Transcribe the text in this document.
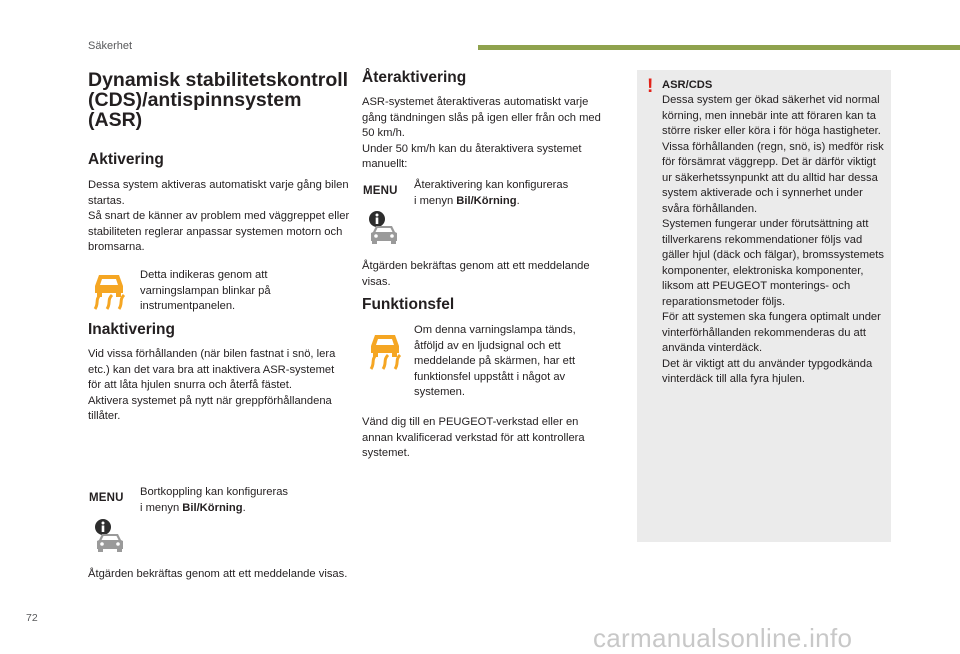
Säkerhet
Dynamisk stabilitetskontroll (CDS)/antispinnsystem (ASR)
Aktivering
Dessa system aktiveras automatiskt varje gång bilen startas.
Så snart de känner av problem med väggreppet eller stabiliteten reglerar anpassar systemen motorn och bromsarna.
Detta indikeras genom att varningslampan blinkar på instrumentpanelen.
Inaktivering
Vid vissa förhållanden (när bilen fastnat i snö, lera etc.) kan det vara bra att inaktivera ASR-systemet för att låta hjulen snurra och återfå fästet.
Aktivera systemet på nytt när greppförhållandena tillåter.
MENU Bortkoppling kan konfigureras
i menyn Bil/Körning.
Åtgärden bekräftas genom att ett meddelande visas.
Återaktivering
ASR-systemet återaktiveras automatiskt varje gång tändningen slås på igen eller från och med 50 km/h.
Under 50 km/h kan du återaktivera systemet manuellt:
MENU Återaktivering kan konfigureras
i menyn Bil/Körning.
Åtgärden bekräftas genom att ett meddelande visas.
Funktionsfel
Om denna varningslampa tänds, åtföljd av en ljudsignal och ett meddelande på skärmen, har ett funktionsfel uppstått i något av systemen.
Vänd dig till en PEUGEOT-verkstad eller en annan kvalificerad verkstad för att kontrollera systemet.
! ASR/CDS
Dessa system ger ökad säkerhet vid normal körning, men innebär inte att föraren kan ta större risker eller köra i för höga hastigheter.
Vissa förhållanden (regn, snö, is) medför risk för försämrat väggrepp. Det är därför viktigt ur säkerhetssynpunkt att du alltid har dessa system aktiverade och i synnerhet under svåra förhållanden.
Systemen fungerar under förutsättning att tillverkarens rekommendationer följs vad gäller hjul (däck och fälgar), bromssystemets komponenter, elektroniska komponenter, liksom att PEUGEOT monterings- och reparationsmetoder följs.
För att systemen ska fungera optimalt under vinterförhållanden rekommenderas du att använda vinterdäck.
Det är viktigt att du använder typgodkända vinterdäck till alla fyra hjulen.
72
carmanualsonline.info
